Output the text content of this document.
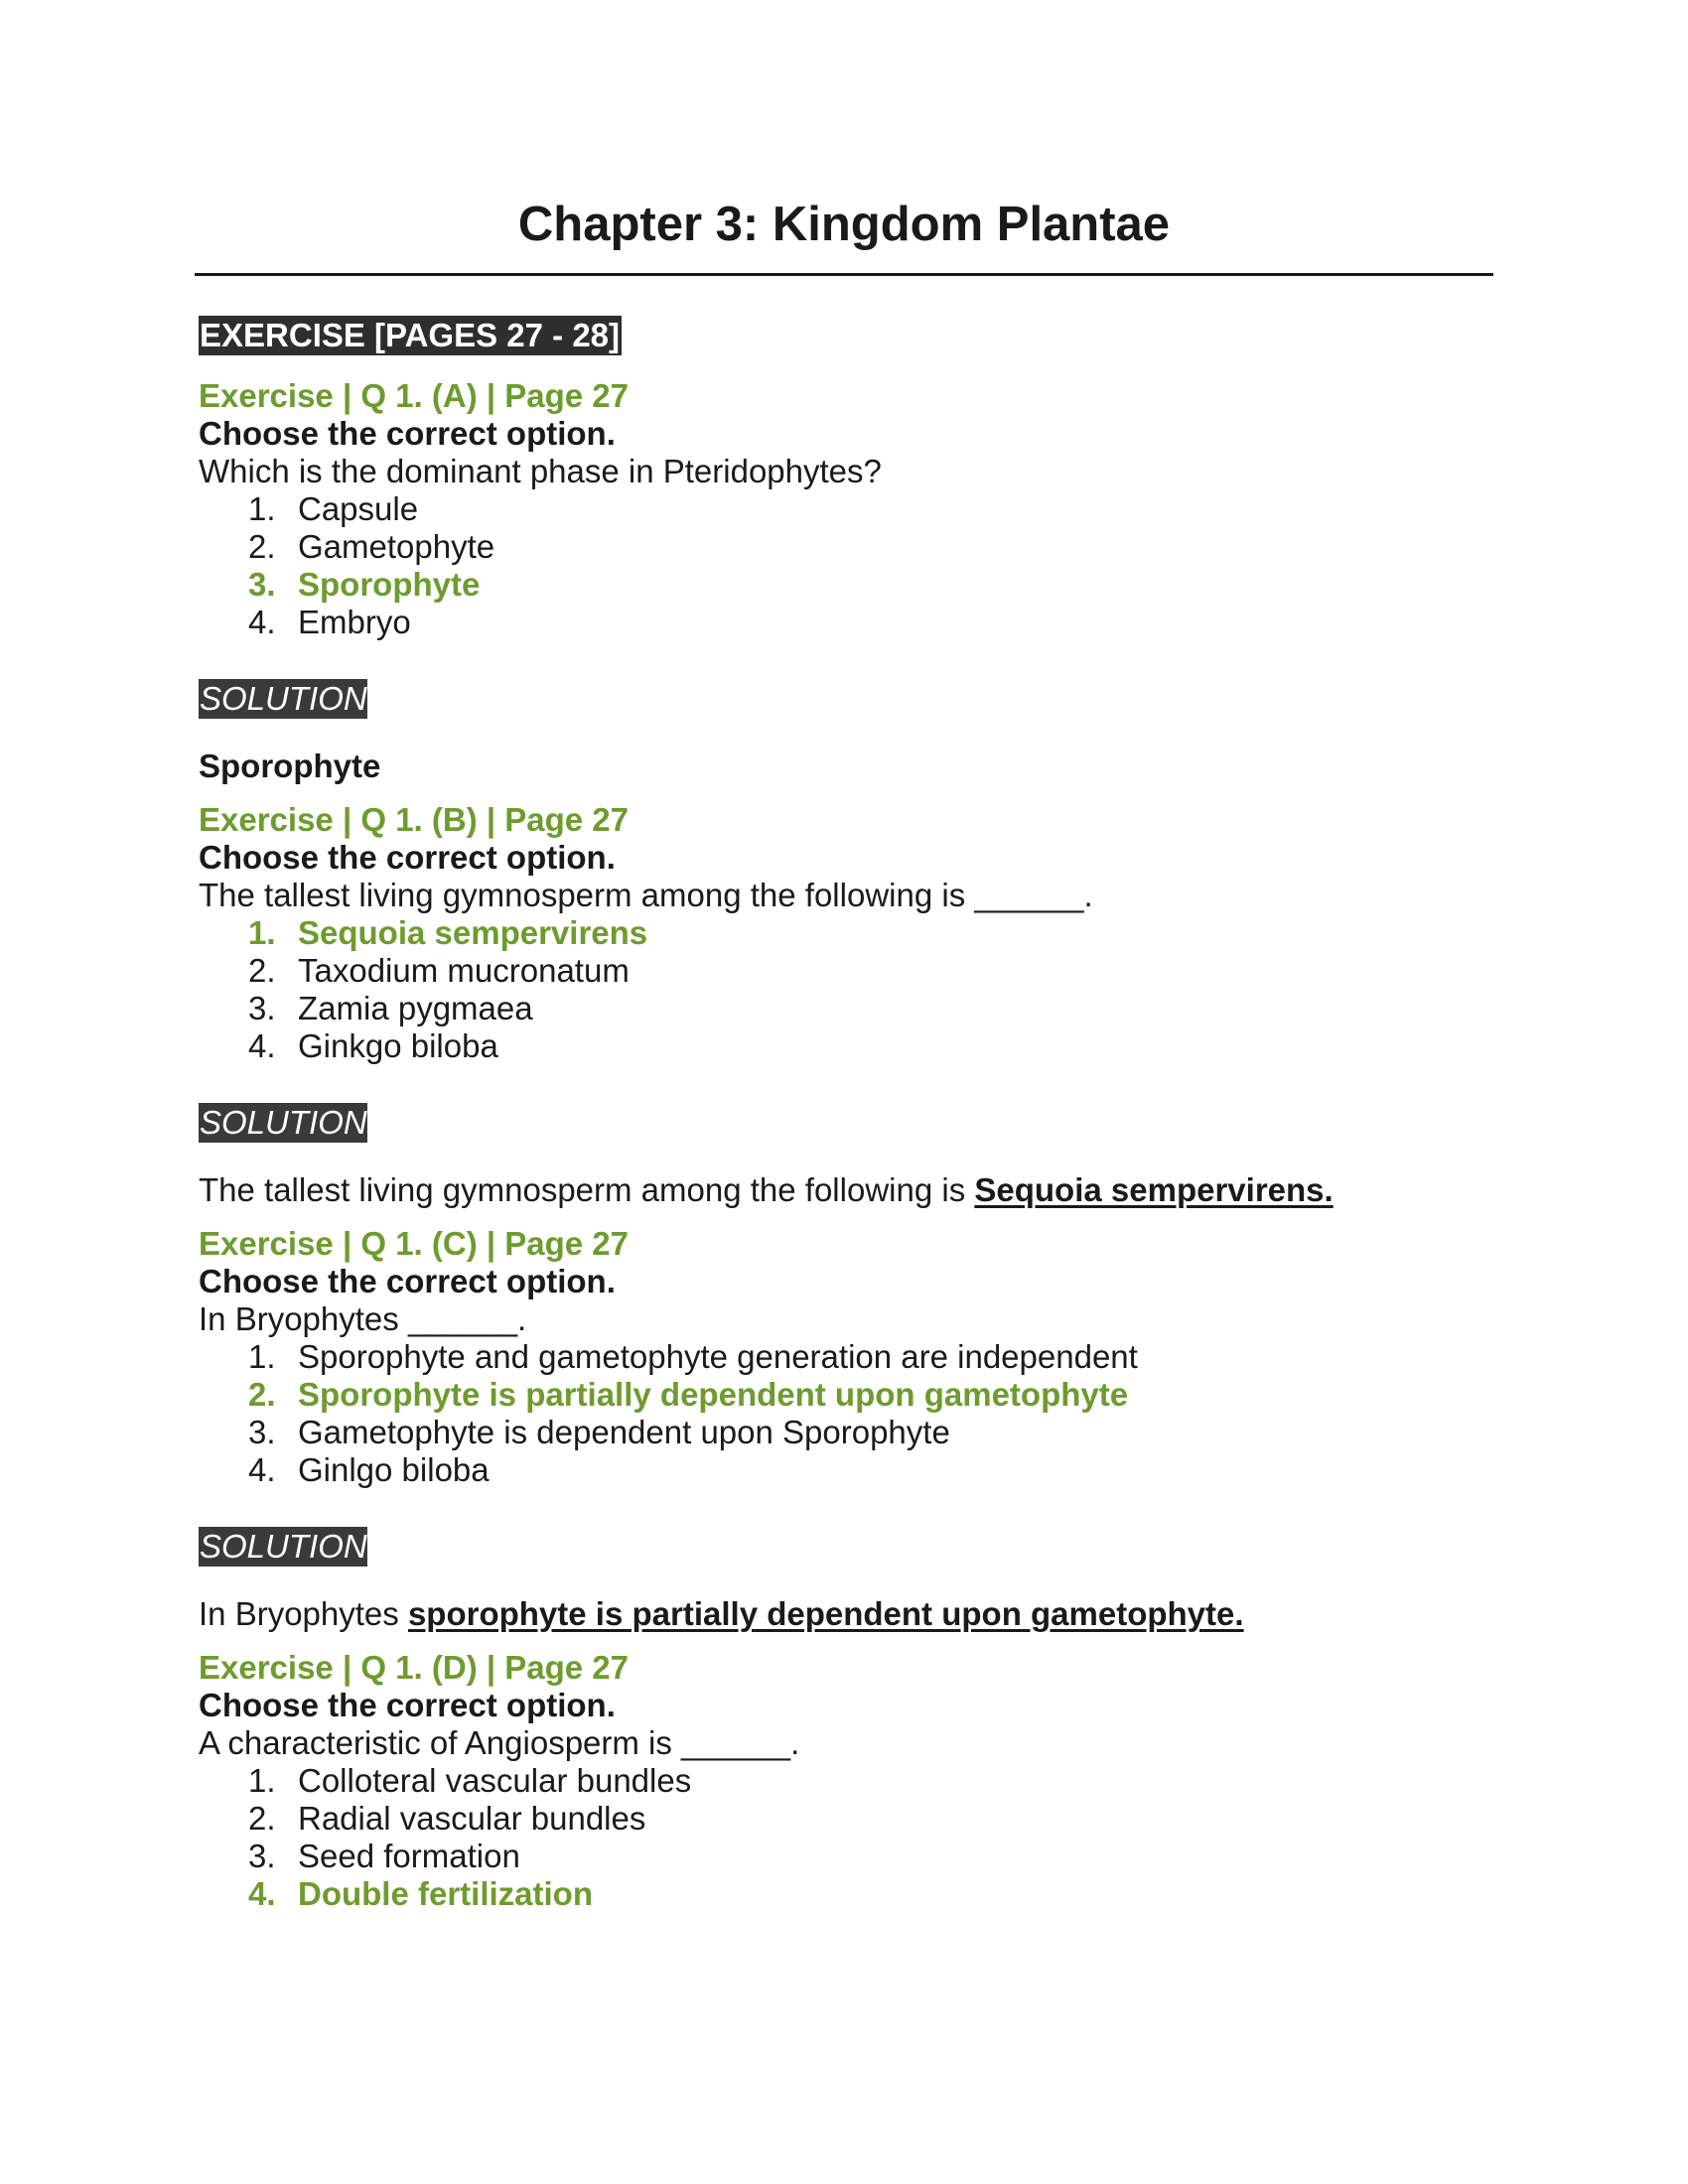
Chapter 3: Kingdom Plantae
EXERCISE [PAGES 27 - 28]

Exercise | Q 1. (A) | Page 27

Choose the correct option.

Which is the dominant phase in Pteridophytes?

1. Capsule
2. Gametophyte
3. Sporophyte
4. Embryo
SOLUTION

Sporophyte

Exercise | Q 1. (B) | Page 27

Choose the correct option.

The tallest living gymnosperm among the following is ______.

1. Sequoia sempervirens
2. Taxodium mucronatum
3. Zamia pygmaea
4. Ginkgo biloba
SOLUTION

The tallest living gymnosperm among the following is Sequoia sempervirens.

Exercise | Q 1. (C) | Page 27

Choose the correct option.

In Bryophytes ______.

1. Sporophyte and gametophyte generation are independent
2. Sporophyte is partially dependent upon gametophyte
3. Gametophyte is dependent upon Sporophyte
4. Ginlgo biloba
SOLUTION

In Bryophytes sporophyte is partially dependent upon gametophyte.

Exercise | Q 1. (D) | Page 27

Choose the correct option.

A characteristic of Angiosperm is ______.

1. Colloteral vascular bundles
2. Radial vascular bundles
3. Seed formation
4. Double fertilization
